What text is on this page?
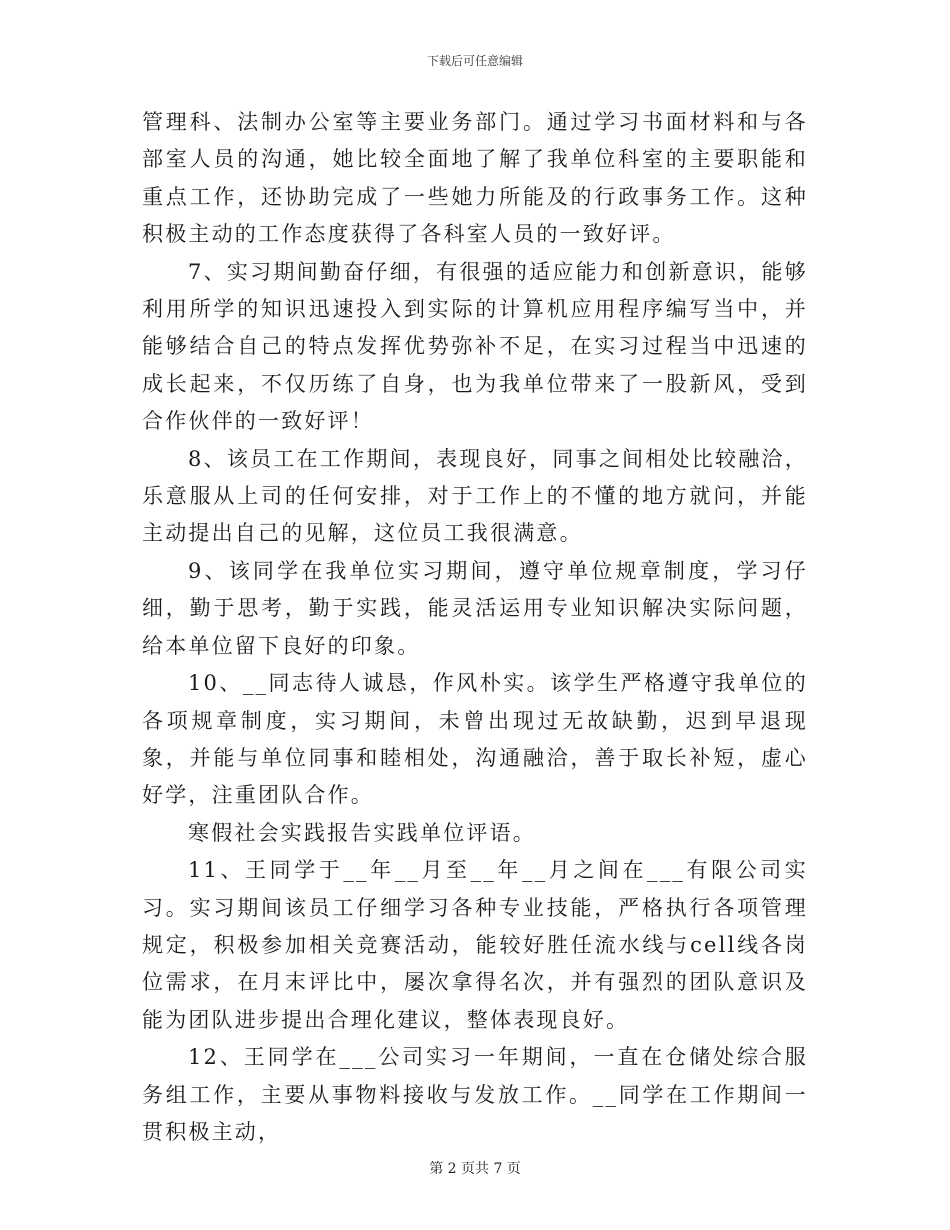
下载后可任意编辑

管理科、法制办公室等主要业务部门。通过学习书面材料和与各部室人员的沟通，她比较全面地了解了我单位科室的主要职能和重点工作，还协助完成了一些她力所能及的行政事务工作。这种积极主动的工作态度获得了各科室人员的一致好评。

7、实习期间勤奋仔细，有很强的适应能力和创新意识，能够利用所学的知识迅速投入到实际的计算机应用程序编写当中，并能够结合自己的特点发挥优势弥补不足，在实习过程当中迅速的成长起来，不仅历练了自身，也为我单位带来了一股新风，受到合作伙伴的一致好评！

8、该员工在工作期间，表现良好，同事之间相处比较融洽，乐意服从上司的任何安排，对于工作上的不懂的地方就问，并能主动提出自己的见解，这位员工我很满意。

9、该同学在我单位实习期间，遵守单位规章制度，学习仔细，勤于思考，勤于实践，能灵活运用专业知识解决实际问题，给本单位留下良好的印象。

10、__同志待人诚恳，作风朴实。该学生严格遵守我单位的各项规章制度，实习期间，未曾出现过无故缺勤，迟到早退现象，并能与单位同事和睦相处，沟通融洽，善于取长补短，虚心好学，注重团队合作。

寒假社会实践报告实践单位评语。

11、王同学于__年__月至__年__月之间在___有限公司实习。实习期间该员工仔细学习各种专业技能，严格执行各项管理规定，积极参加相关竞赛活动，能较好胜任流水线与cell线各岗位需求，在月末评比中，屡次拿得名次，并有强烈的团队意识及能为团队进步提出合理化建议，整体表现良好。

12、王同学在___公司实习一年期间，一直在仓储处综合服务组工作，主要从事物料接收与发放工作。__同学在工作期间一贯积极主动，

第 2 页共 7 页
